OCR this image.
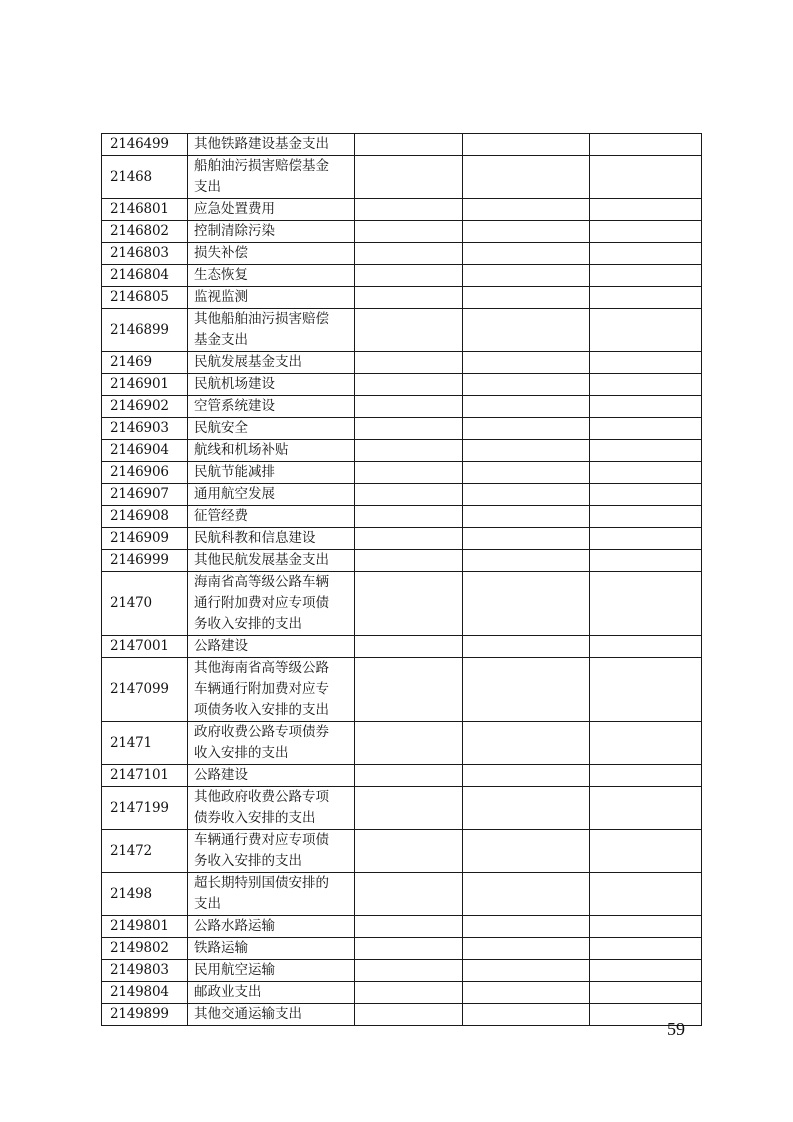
2146499	其他铁路建设基金支出			
21468	船舶油污损害赔偿基金
支出			
2146801	应急处置费用			
2146802	控制清除污染			
2146803	损失补偿			
2146804	生态恢复			
2146805	监视监测			
2146899	其他船舶油污损害赔偿
基金支出			
21469	民航发展基金支出			
2146901	民航机场建设			
2146902	空管系统建设			
2146903	民航安全			
2146904	航线和机场补贴			
2146906	民航节能减排			
2146907	通用航空发展			
2146908	征管经费			
2146909	民航科教和信息建设			
2146999	其他民航发展基金支出			
21470	海南省高等级公路车辆
通行附加费对应专项债
务收入安排的支出			
2147001	公路建设			
2147099	其他海南省高等级公路
车辆通行附加费对应专
项债务收入安排的支出			
21471	政府收费公路专项债券
收入安排的支出			
2147101	公路建设			
2147199	其他政府收费公路专项
债券收入安排的支出			
21472	车辆通行费对应专项债
务收入安排的支出			
21498	超长期特别国债安排的
支出			
2149801	公路水路运输			
2149802	铁路运输			
2149803	民用航空运输			
2149804	邮政业支出			
2149899	其他交通运输支出			
59
